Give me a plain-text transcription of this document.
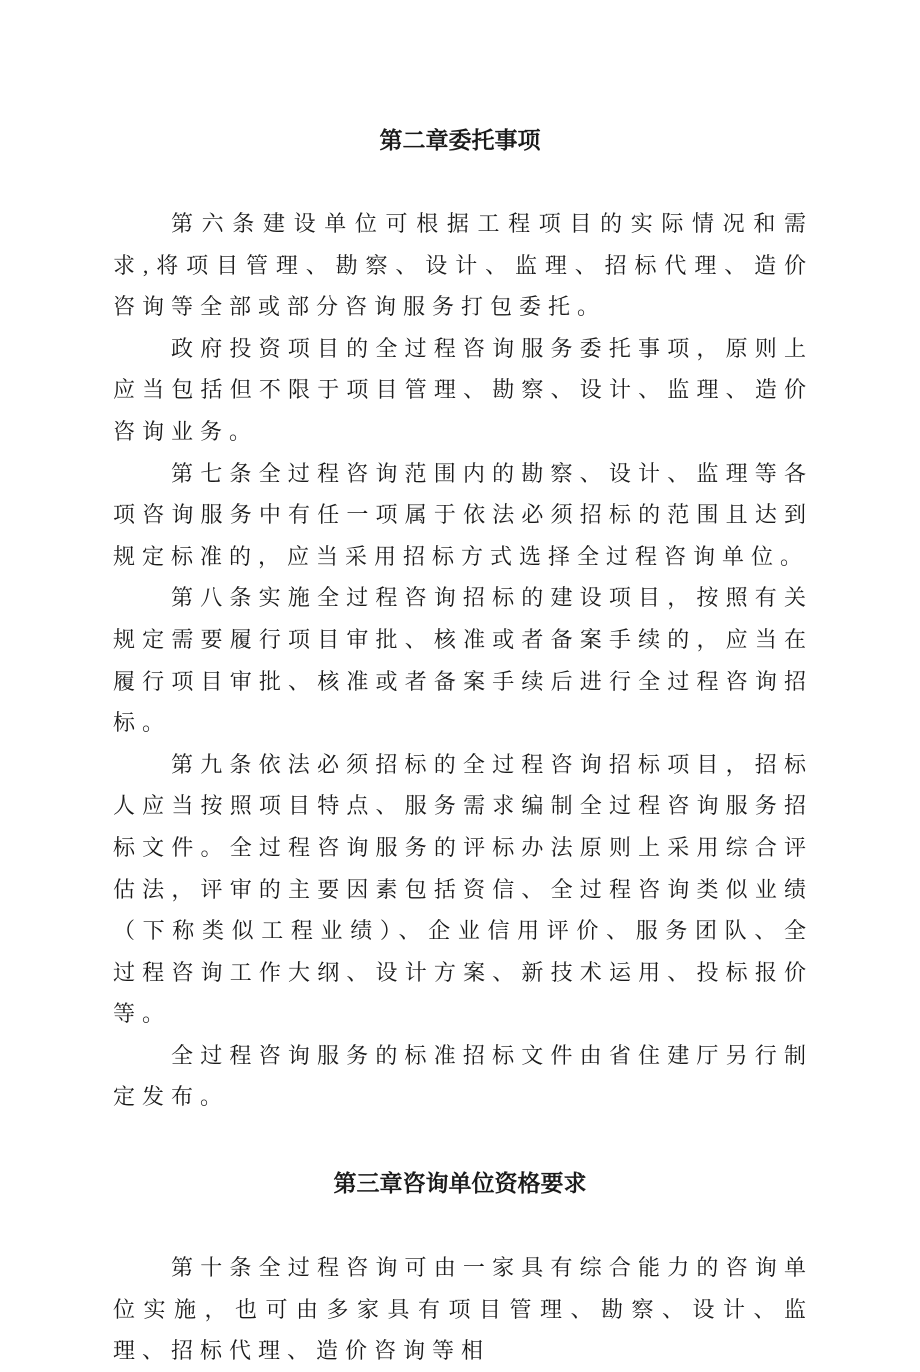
第二章委托事项

第六条建设单位可根据工程项目的实际情况和需求,将项目管理、勘察、设计、监理、招标代理、造价咨询等全部或部分咨询服务打包委托。

政府投资项目的全过程咨询服务委托事项，原则上应当包括但不限于项目管理、勘察、设计、监理、造价咨询业务。

第七条全过程咨询范围内的勘察、设计、监理等各项咨询服务中有任一项属于依法必须招标的范围且达到规定标准的，应当采用招标方式选择全过程咨询单位。

第八条实施全过程咨询招标的建设项目，按照有关规定需要履行项目审批、核准或者备案手续的，应当在履行项目审批、核准或者备案手续后进行全过程咨询招标。

第九条依法必须招标的全过程咨询招标项目，招标人应当按照项目特点、服务需求编制全过程咨询服务招标文件。全过程咨询服务的评标办法原则上采用综合评估法，评审的主要因素包括资信、全过程咨询类似业绩（下称类似工程业绩）、企业信用评价、服务团队、全过程咨询工作大纲、设计方案、新技术运用、投标报价等。

全过程咨询服务的标准招标文件由省住建厅另行制定发布。

第三章咨询单位资格要求

第十条全过程咨询可由一家具有综合能力的咨询单位实施，也可由多家具有项目管理、勘察、设计、监理、招标代理、造价咨询等相
